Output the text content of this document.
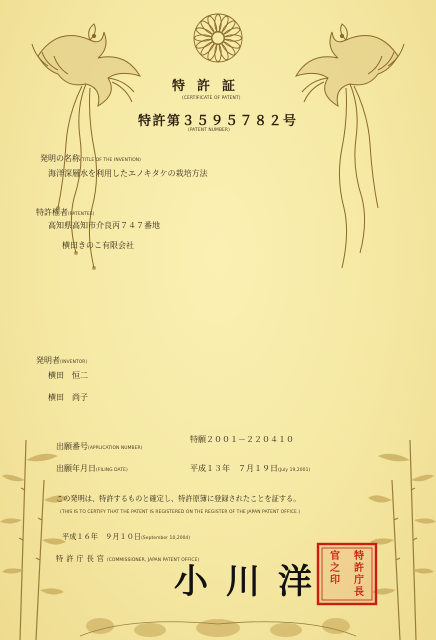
特許証
(CERTIFICATE OF PATENT)
特許第３５９５７８２号
(PATENT NUMBER)
発明の名称(TITLE OF THE INVENTION)
海洋深層水を利用したエノキタケの栽培方法
特許権者(PATENTEE)
高知県高知市介良丙７４７番地
横田きのこ有限会社
発明者(INVENTOR)
横田　恒二
横田　尚子
出願番号(APPLICATION NUMBER)
特願２００１－２２０４１０
出願年月日(FILING DATE)	平成１３年　７月１９日(July 19,2001)
この発明は、特許するものと確定し、特許原簿に登録されたことを証する。
(THIS IS TO CERTIFY THAT THE PATENT IS REGISTERED ON THE REGISTER OF THE JAPAN PATENT OFFICE.)
平成１６年　９月１０日(September 10,2004)
特許庁長官(COMMISSIONER, JAPAN PATENT OFFICE)
小川洋
特
許
庁
長
官
之
印
